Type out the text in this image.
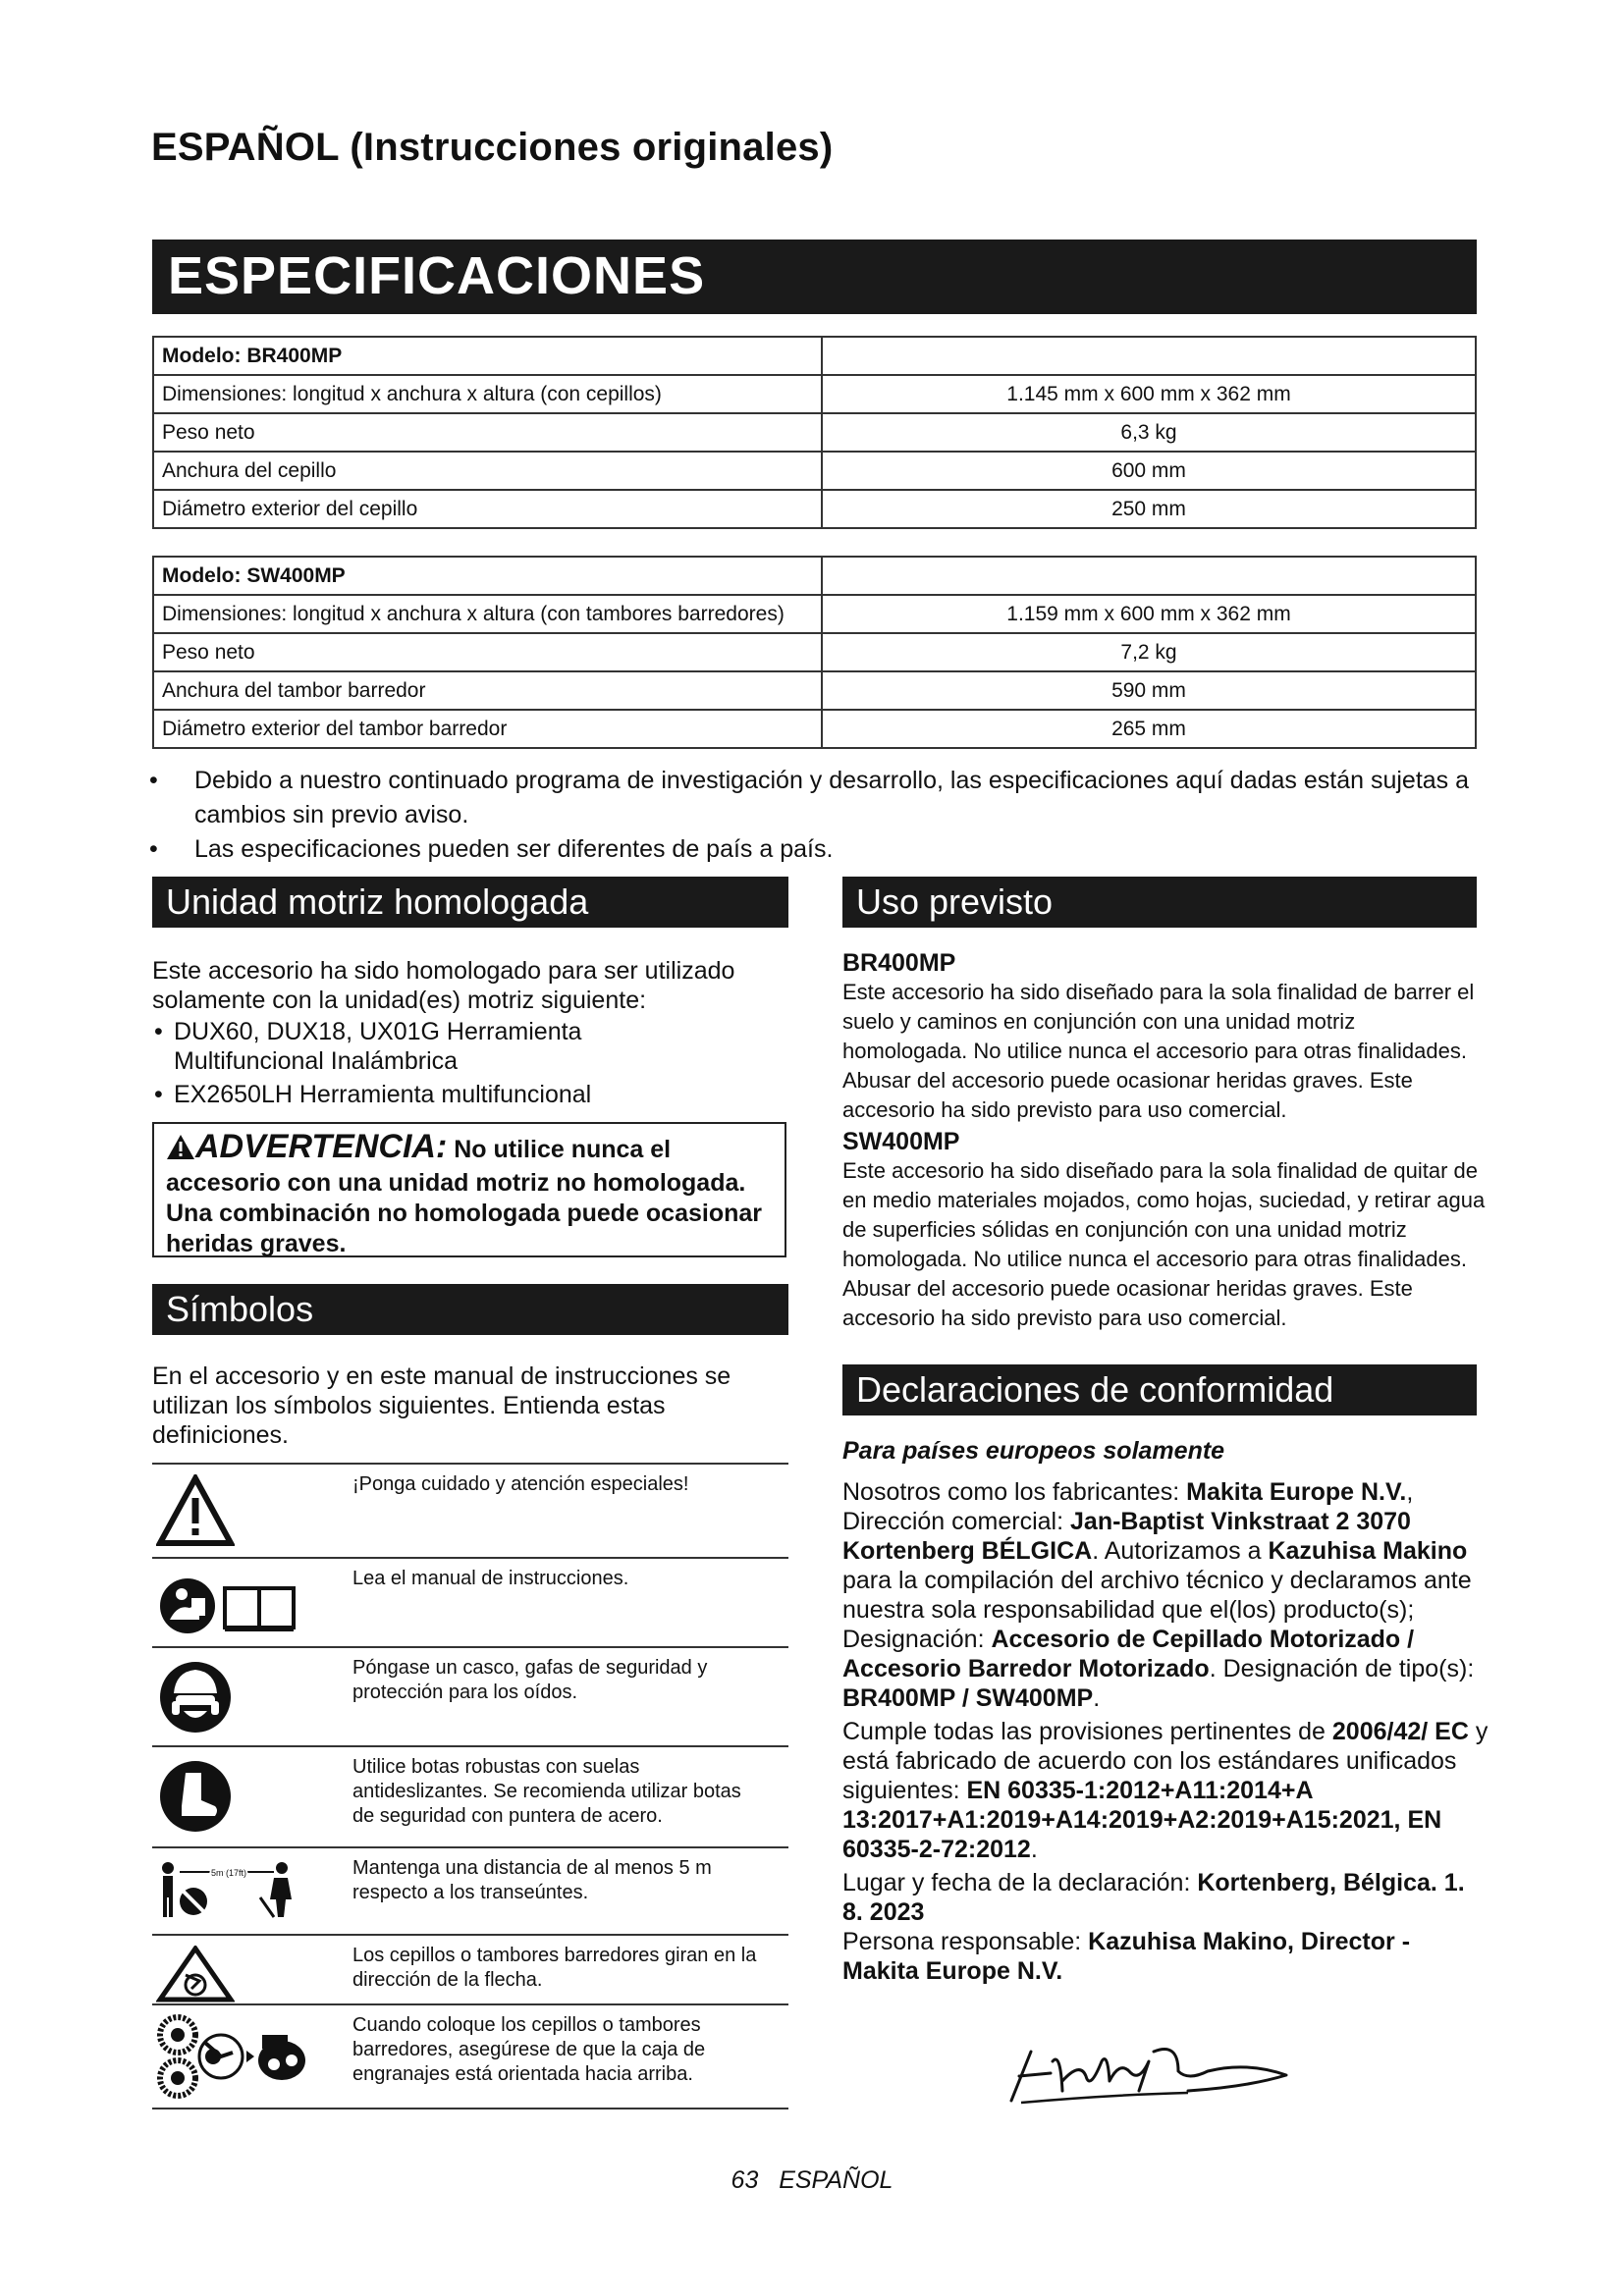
ESPAÑOL (Instrucciones originales)
ESPECIFICACIONES
Modelo: BR400MP	
Dimensiones: longitud x anchura x altura (con cepillos)	1.145 mm x 600 mm x 362 mm
Peso neto	6,3 kg
Anchura del cepillo	600 mm
Diámetro exterior del cepillo	250 mm
Modelo: SW400MP	
Dimensiones: longitud x anchura x altura (con tambores barredores)	1.159 mm x 600 mm x 362 mm
Peso neto	7,2 kg
Anchura del tambor barredor	590 mm
Diámetro exterior del tambor barredor	265 mm
•	Debido a nuestro continuado programa de investigación y desarrollo, las especificaciones aquí dadas están sujetas a cambios sin previo aviso.
•	Las especificaciones pueden ser diferentes de país a país.
Unidad motriz homologada
Este accesorio ha sido homologado para ser utilizado solamente con la unidad(es) motriz siguiente:
• DUX60, DUX18, UX01G Herramienta Multifuncional Inalámbrica
• EX2650LH Herramienta multifuncional
ADVERTENCIA: No utilice nunca el accesorio con una unidad motriz no homologada. Una combinación no homologada puede ocasionar heridas graves.
Símbolos
En el accesorio y en este manual de instrucciones se utilizan los símbolos siguientes. Entienda estas definiciones.
¡Ponga cuidado y atención especiales!
Lea el manual de instrucciones.
Póngase un casco, gafas de seguridad y protección para los oídos.
Utilice botas robustas con suelas antideslizantes. Se recomienda utilizar botas de seguridad con puntera de acero.
5m (17ft)	Mantenga una distancia de al menos 5 m respecto a los transeúntes.
Los cepillos o tambores barredores giran en la dirección de la flecha.
Cuando coloque los cepillos o tambores barredores, asegúrese de que la caja de engranajes está orientada hacia arriba.
Uso previsto
BR400MP
Este accesorio ha sido diseñado para la sola finalidad de barrer el suelo y caminos en conjunción con una unidad motriz homologada. No utilice nunca el accesorio para otras finalidades. Abusar del accesorio puede ocasionar heridas graves. Este accesorio ha sido previsto para uso comercial.
SW400MP
Este accesorio ha sido diseñado para la sola finalidad de quitar de en medio materiales mojados, como hojas, suciedad, y retirar agua de superficies sólidas en conjunción con una unidad motriz homologada. No utilice nunca el accesorio para otras finalidades. Abusar del accesorio puede ocasionar heridas graves. Este accesorio ha sido previsto para uso comercial.
Declaraciones de conformidad
Para países europeos solamente
Nosotros como los fabricantes: Makita Europe N.V., Dirección comercial: Jan-Baptist Vinkstraat 2 3070 Kortenberg BÉLGICA. Autorizamos a Kazuhisa Makino para la compilación del archivo técnico y declaramos ante nuestra sola responsabilidad que el(los) producto(s);
Designación: Accesorio de Cepillado Motorizado / Accesorio Barredor Motorizado. Designación de tipo(s): BR400MP / SW400MP.
Cumple todas las provisiones pertinentes de 2006/42/ EC y está fabricado de acuerdo con los estándares unificados siguientes: EN 60335-1:2012+A11:2014+A 13:2017+A1:2019+A14:2019+A2:2019+A15:2021, EN 60335-2-72:2012.
Lugar y fecha de la declaración: Kortenberg, Bélgica. 1. 8. 2023
Persona responsable: Kazuhisa Makino, Director - Makita Europe N.V.
63 ESPAÑOL
